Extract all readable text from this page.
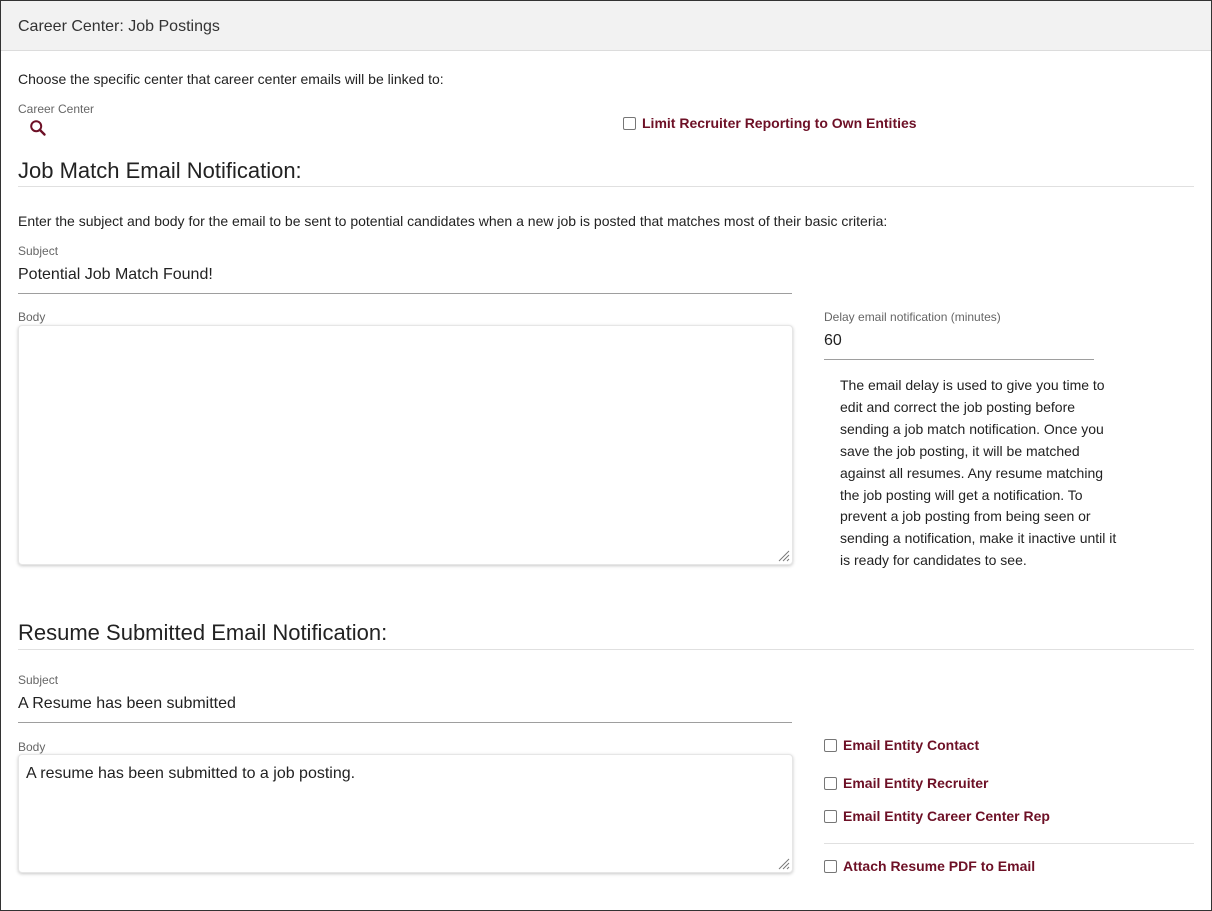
Career Center: Job Postings
Choose the specific center that career center emails will be linked to:
Career Center
Limit Recruiter Reporting to Own Entities
Job Match Email Notification:
Enter the subject and body for the email to be sent to potential candidates when a new job is posted that matches most of their basic criteria:
Subject
Potential Job Match Found!
Body	Delay email notification (minutes)
60
The email delay is used to give you time to edit and correct the job posting before sending a job match notification. Once you save the job posting, it will be matched against all resumes. Any resume matching the job posting will get a notification. To prevent a job posting from being seen or sending a notification, make it inactive until it is ready for candidates to see.
Resume Submitted Email Notification:
Subject
A Resume has been submitted
Body
A resume has been submitted to a job posting.
Email Entity Contact
Email Entity Recruiter
Email Entity Career Center Rep
Attach Resume PDF to Email
